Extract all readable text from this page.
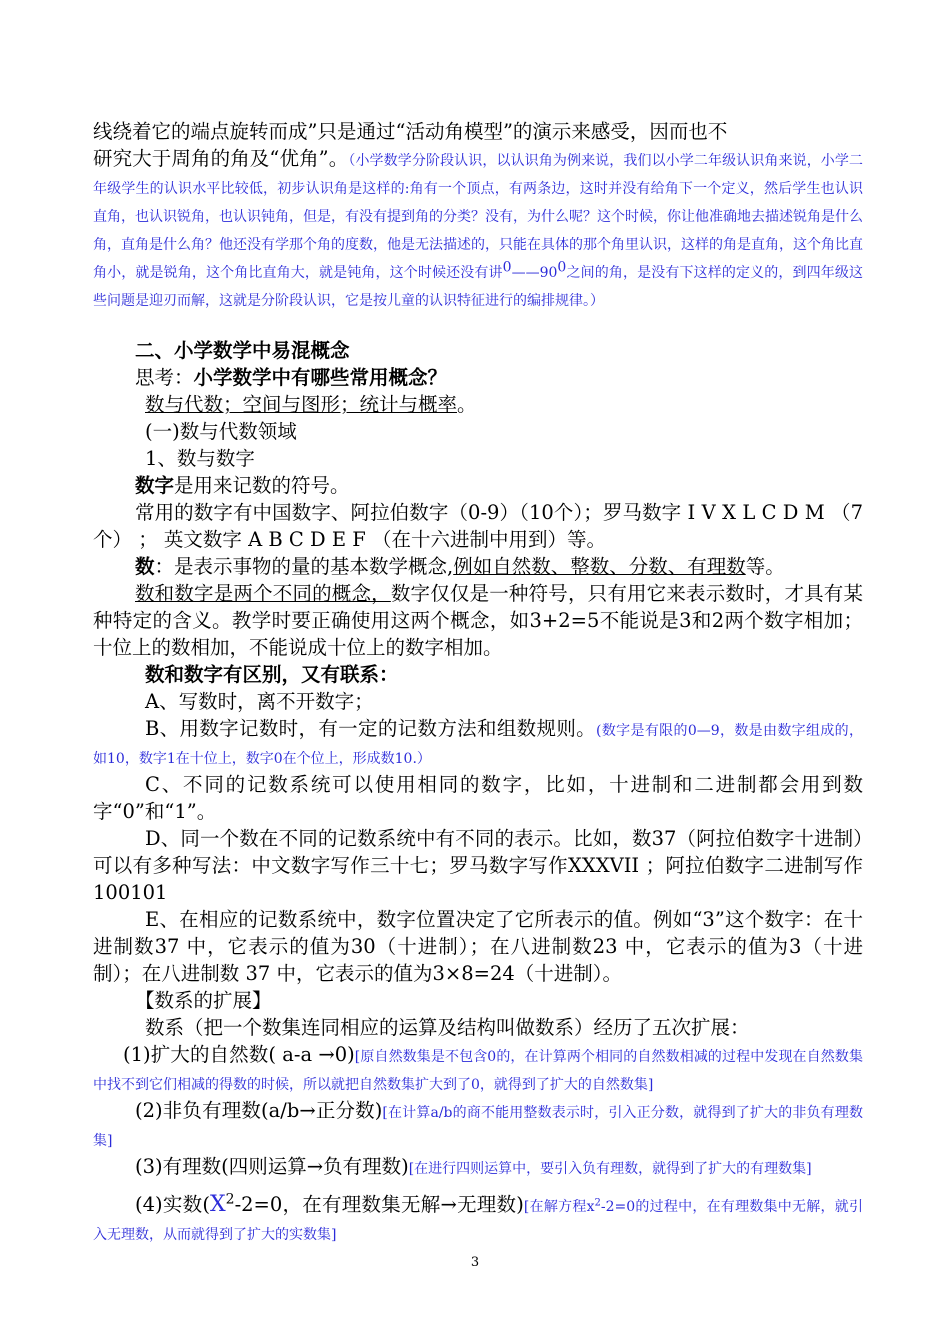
线绕着它的端点旋转而成”只是通过“活动角模型”的演示来感受，因而也不
研究大于周角的角及“优角”。（小学数学分阶段认识，以认识角为例来说，我们以小学二年级认识角来说，小学二年级学生的认识水平比较低，初步认识角是这样的:角有一个顶点，有两条边，这时并没有给角下一个定义，然后学生也认识直角，也认识锐角，也认识钝角，但是，有没有提到角的分类？没有，为什么呢？这个时候，你让他准确地去描述锐角是什么角，直角是什么角？他还没有学那个角的度数，他是无法描述的，只能在具体的那个角里认识，这样的角是直角，这个角比直角小，就是锐角，这个角比直角大，就是钝角，这个时候还没有讲0——900之间的角，是没有下这样的定义的，到四年级这些问题是迎刃而解，这就是分阶段认识，它是按儿童的认识特征进行的编排规律。）

二、小学数学中易混概念

思考：小学数学中有哪些常用概念？

数与代数；空间与图形；统计与概率。

(一)数与代数领域

1、数与数字

数字是用来记数的符号。

常用的数字有中国数字、阿拉伯数字（0-9）（10个）；罗马数字 Ⅰ Ⅴ Ⅹ Ⅼ Ⅽ Ⅾ Ⅿ （7个） ； 英文数字 A B C D E F （在十六进制中用到）等。

数：是表示事物的量的基本数学概念,例如自然数、整数、分数、有理数等。

数和数字是两个不同的概念，数字仅仅是一种符号，只有用它来表示数时，才具有某种特定的含义。教学时要正确使用这两个概念，如3+2=5不能说是3和2两个数字相加；十位上的数相加，不能说成十位上的数字相加。

数和数字有区别，又有联系：

A、写数时，离不开数字；

B、用数字记数时，有一定的记数方法和组数规则。(数字是有限的0—9，数是由数字组成的，如10，数字1在十位上，数字0在个位上，形成数10.）

C、不同的记数系统可以使用相同的数字，比如，十进制和二进制都会用到数字“0”和“1”。

D、同一个数在不同的记数系统中有不同的表示。比如，数37（阿拉伯数字十进制）可以有多种写法：中文数字写作三十七；罗马数字写作XXXVII ；阿拉伯数字二进制写作100101

E、在相应的记数系统中，数字位置决定了它所表示的值。例如“3”这个数字：在十进制数37 中，它表示的值为30（十进制）；在八进制数23 中，它表示的值为3（十进制）；在八进制数 37 中，它表示的值为3×8=24（十进制）。

【数系的扩展】

数系（把一个数集连同相应的运算及结构叫做数系）经历了五次扩展：

(1)扩大的自然数( a-a →0)[原自然数集是不包含0的，在计算两个相同的自然数相减的过程中发现在自然数集中找不到它们相减的得数的时候，所以就把自然数集扩大到了0，就得到了扩大的自然数集]

(2)非负有理数(a/b→正分数)[在计算a/b的商不能用整数表示时，引入正分数，就得到了扩大的非负有理数集]

(3)有理数(四则运算→负有理数)[在进行四则运算中，要引入负有理数，就得到了扩大的有理数集]

(4)实数($X^2-2=0$，在有理数集无解→无理数)[在解方程$x^2-2=0$的过程中，在有理数集中无解，就引入无理数，从而就得到了扩大的实数集]

3
